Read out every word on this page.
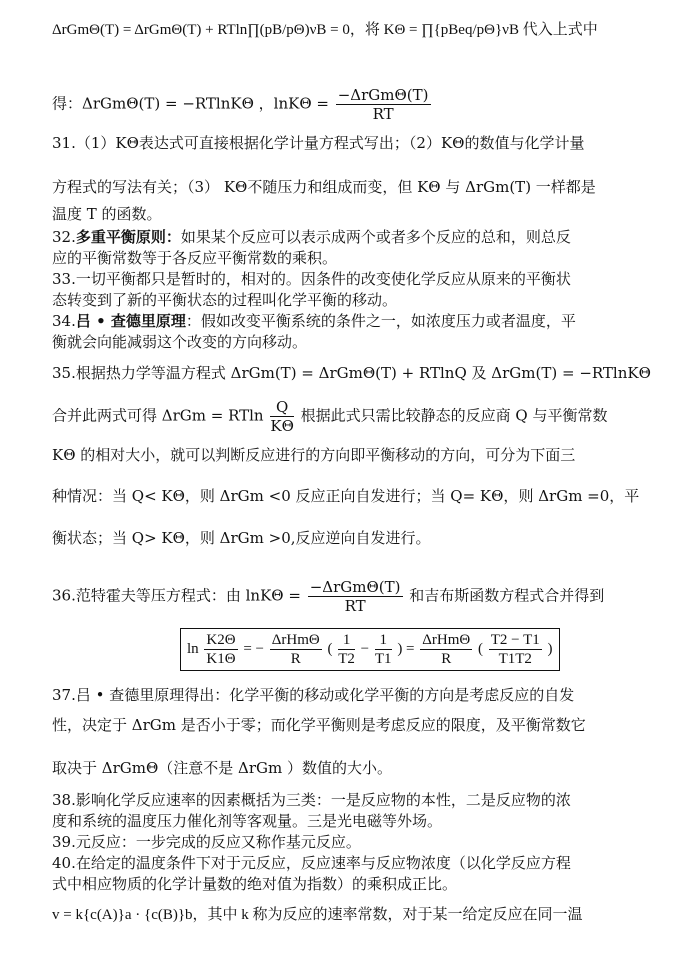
ΔrGmΘ(T) = ΔrGmΘ(T) + RTln∏(pB/pΘ)νB = 0，将 KΘ = ∏{pBeq/pΘ}νB 代入上式中
得：ΔrGmΘ(T) = −RTlnKΘ ，$\ln K\Theta = \frac{\text{−ΔrGmΘ(T)}}{RT}$
31.（1）KΘ表达式可直接根据化学计量方程式写出；（2）KΘ的数值与化学计量
方程式的写法有关；（3） KΘ不随压力和组成而变，但 KΘ 与 ΔrGm(T) 一样都是
温度 T 的函数。
32.多重平衡原则：如果某个反应可以表示成两个或者多个反应的总和，则总反
应的平衡常数等于各反应平衡常数的乘积。
33.一切平衡都只是暂时的，相对的。因条件的改变使化学反应从原来的平衡状
态转变到了新的平衡状态的过程叫化学平衡的移动。
34.吕 • 查德里原理：假如改变平衡系统的条件之一，如浓度压力或者温度，平
衡就会向能减弱这个改变的方向移动。
35.根据热力学等温方程式 ΔrGm(T) = ΔrGmΘ(T) + RTlnQ 及 ΔrGm(T) = −RTlnKΘ
合并此两式可得 ΔrGm = RTln $\frac{Q}{K\Theta}$ 根据此式只需比较静态的反应商 Q 与平衡常数
KΘ 的相对大小，就可以判断反应进行的方向即平衡移动的方向，可分为下面三
种情况：当 Q< KΘ，则 ΔrGm <0 反应正向自发进行；当 Q= KΘ，则 ΔrGm =0，平
衡状态；当 Q> KΘ，则 ΔrGm >0,反应逆向自发进行。
36.范特霍夫等压方程式：由 $\ln K\Theta = \frac{\text{−ΔrGmΘ(T)}}{RT}$ 和吉布斯函数方程式合并得到
$\ln \frac{K2\Theta}{K1\Theta}$ = − $\frac{\text{ΔrHmΘ}}{R}$ ( $\frac{1}{T2} - \frac{1}{T1}$ ) = $\frac{\text{ΔrHmΘ}}{R}$ ( $\frac{T2 - T1}{T1T2}$ )
37.吕 • 查德里原理得出：化学平衡的移动或化学平衡的方向是考虑反应的自发
性，决定于 ΔrGm 是否小于零；而化学平衡则是考虑反应的限度，及平衡常数它
取决于 ΔrGmΘ（注意不是 ΔrGm ）数值的大小。
38.影响化学反应速率的因素概括为三类：一是反应物的本性，二是反应物的浓
度和系统的温度压力催化剂等客观量。三是光电磁等外场。
39.元反应：一步完成的反应又称作基元反应。
40.在给定的温度条件下对于元反应，反应速率与反应物浓度（以化学反应方程
式中相应物质的化学计量数的绝对值为指数）的乘积成正比。
v = k{c(A)}a · {c(B)}b，其中 k 称为反应的速率常数，对于某一给定反应在同一温
